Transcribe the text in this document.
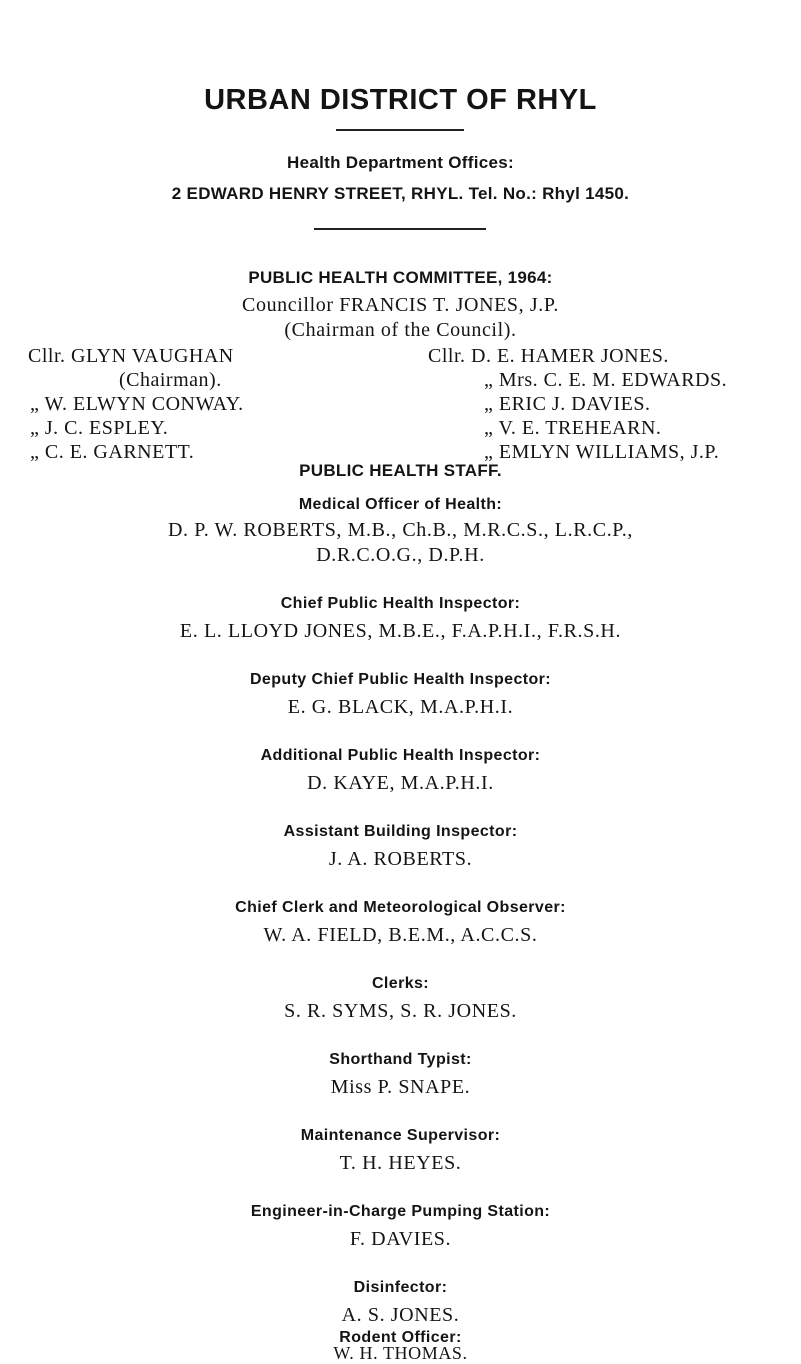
URBAN DISTRICT OF RHYL
Health Department Offices:
2 EDWARD HENRY STREET, RHYL. Tel. No.: Rhyl 1450.
PUBLIC HEALTH COMMITTEE, 1964:
Councillor FRANCIS T. JONES, J.P.
(Chairman of the Council).
Cllr. GLYN VAUGHAN
(Chairman).
„ W. ELWYN CONWAY.
„ J. C. ESPLEY.
„ C. E. GARNETT.
Cllr. D. E. HAMER JONES.
„ Mrs. C. E. M. EDWARDS.
„ ERIC J. DAVIES.
„ V. E. TREHEARN.
„ EMLYN WILLIAMS, J.P.
PUBLIC HEALTH STAFF.
Medical Officer of Health:
D. P. W. ROBERTS, M.B., Ch.B., M.R.C.S., L.R.C.P.,
D.R.C.O.G., D.P.H.
Chief Public Health Inspector:
E. L. LLOYD JONES, M.B.E., F.A.P.H.I., F.R.S.H.
Deputy Chief Public Health Inspector:
E. G. BLACK, M.A.P.H.I.
Additional Public Health Inspector:
D. KAYE, M.A.P.H.I.
Assistant Building Inspector:
J. A. ROBERTS.
Chief Clerk and Meteorological Observer:
W. A. FIELD, B.E.M., A.C.C.S.
Clerks:
S. R. SYMS, S. R. JONES.
Shorthand Typist:
Miss P. SNAPE.
Maintenance Supervisor:
T. H. HEYES.
Engineer-in-Charge Pumping Station:
F. DAVIES.
Disinfector:
A. S. JONES.
Rodent Officer:
W. H. THOMAS.
